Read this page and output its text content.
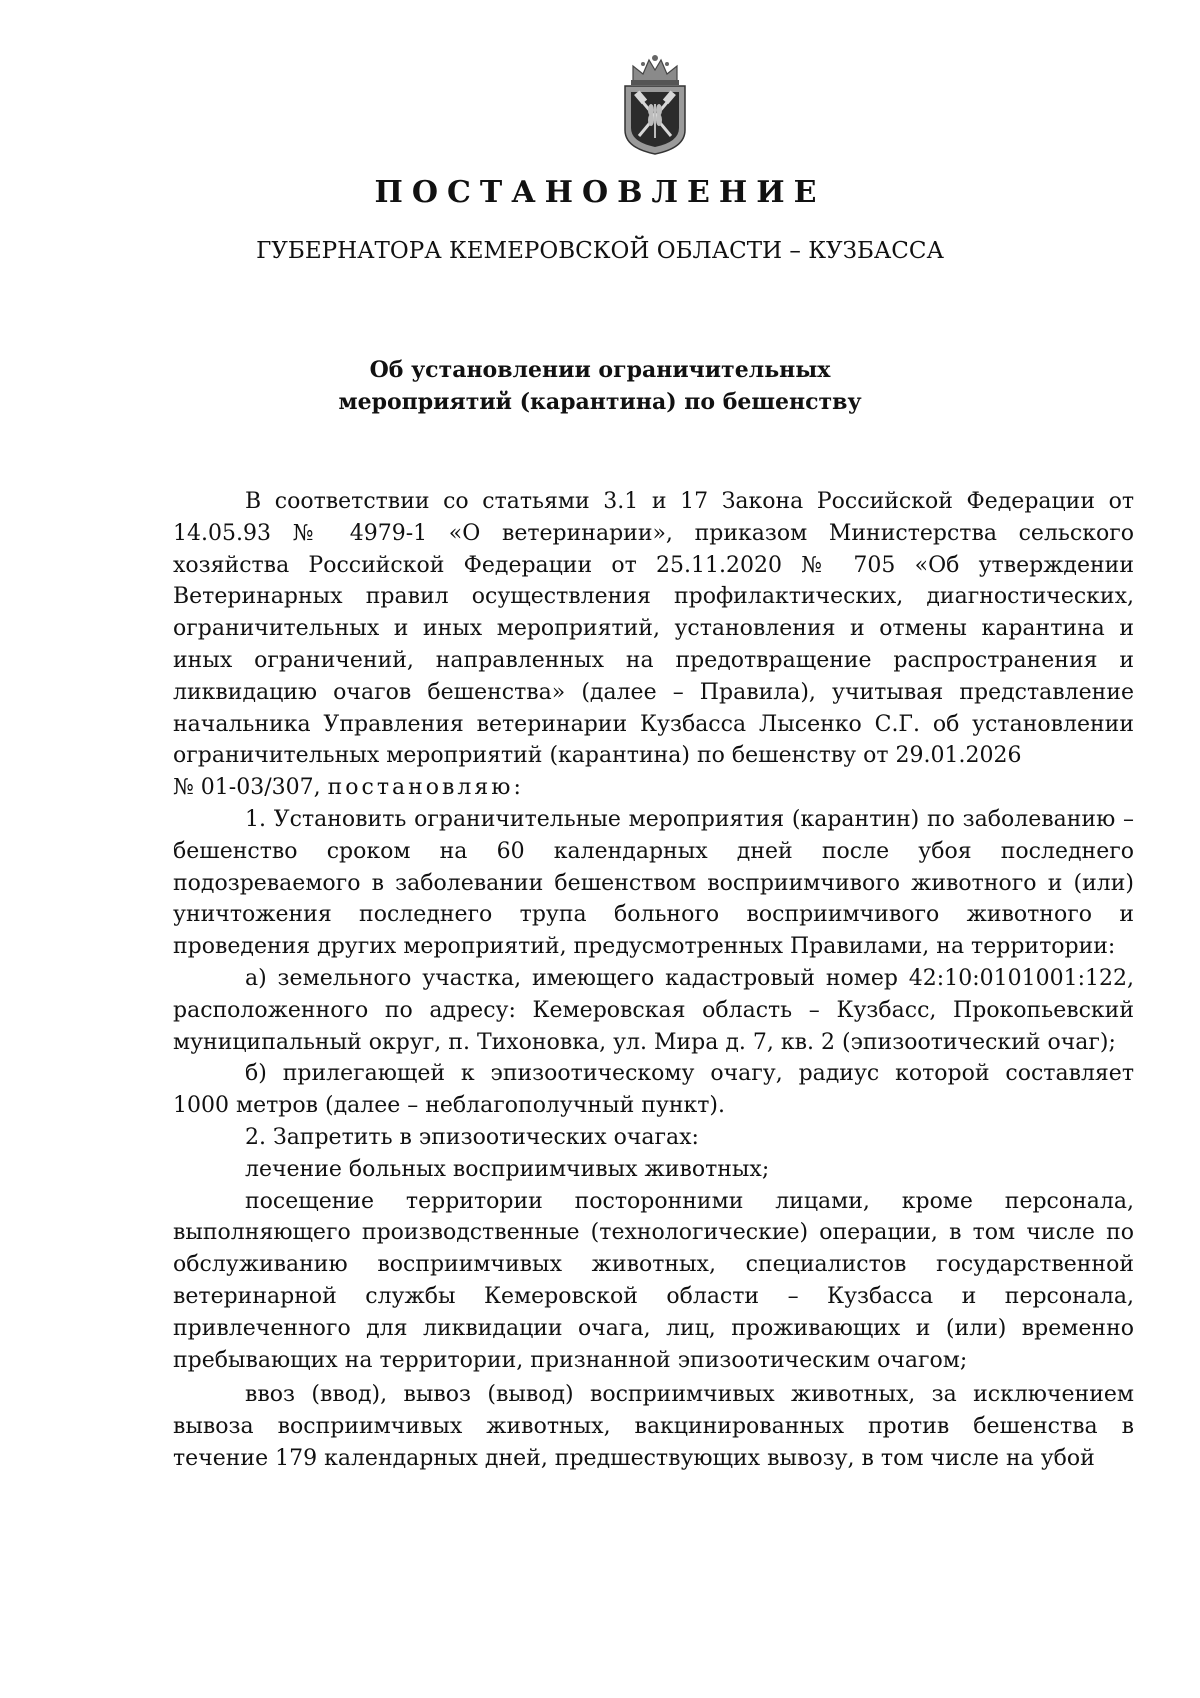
ПОСТАНОВЛЕНИЕ
ГУБЕРНАТОРА КЕМЕРОВСКОЙ ОБЛАСТИ – КУЗБАССА
Об установлении ограничительных
мероприятий (карантина) по бешенству

В соответствии со статьями 3.1 и 17 Закона Российской Федерации от 14.05.93 № 4979-1 «О ветеринарии», приказом Министерства сельского хозяйства Российской Федерации от 25.11.2020 № 705 «Об утверждении Ветеринарных правил осуществления профилактических, диагностических, ограничительных и иных мероприятий, установления и отмены карантина и иных ограничений, направленных на предотвращение распространения и ликвидацию очагов бешенства» (далее – Правила), учитывая представление начальника Управления ветеринарии Кузбасса Лысенко С.Г. об установлении ограничительных мероприятий (карантина) по бешенству от 29.01.2026

№ 01-03/307, постановляю:

1. Установить ограничительные мероприятия (карантин) по заболеванию – бешенство сроком на 60 календарных дней после убоя последнего подозреваемого в заболевании бешенством восприимчивого животного и (или) уничтожения последнего трупа больного восприимчивого животного и проведения других мероприятий, предусмотренных Правилами, на территории:

а) земельного участка, имеющего кадастровый номер 42:10:0101001:122, расположенного по адресу: Кемеровская область – Кузбасс, Прокопьевский муниципальный округ, п. Тихоновка, ул. Мира д. 7, кв. 2 (эпизоотический очаг);

б) прилегающей к эпизоотическому очагу, радиус которой составляет 1000 метров (далее – неблагополучный пункт).

2. Запретить в эпизоотических очагах:

лечение больных восприимчивых животных;

посещение территории посторонними лицами, кроме персонала, выполняющего производственные (технологические) операции, в том числе по обслуживанию восприимчивых животных, специалистов государственной ветеринарной службы Кемеровской области – Кузбасса и персонала, привлеченного для ликвидации очага, лиц, проживающих и (или) временно пребывающих на территории, признанной эпизоотическим очагом;

ввоз (ввод), вывоз (вывод) восприимчивых животных, за исключением вывоза восприимчивых животных, вакцинированных против бешенства в течение 179 календарных дней, предшествующих вывозу, в том числе на убой
